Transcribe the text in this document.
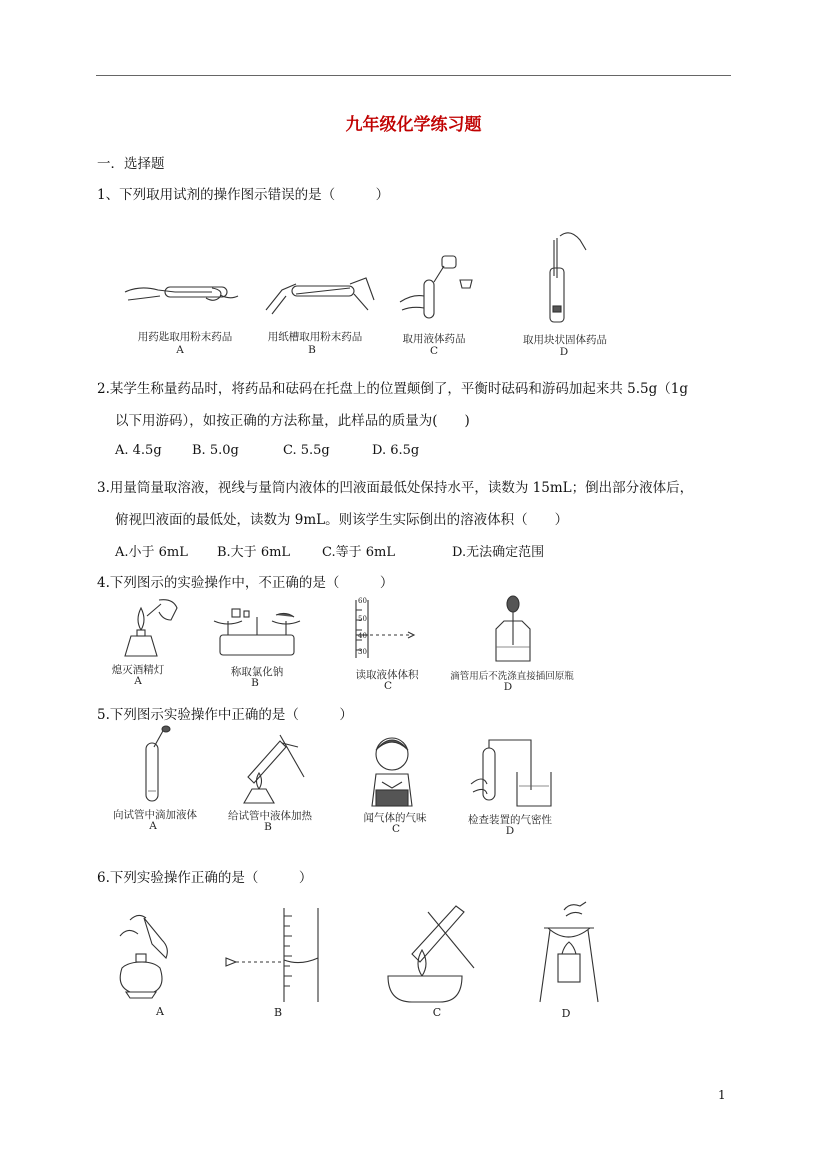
九年级化学练习题
一．选择题
1、下列取用试剂的操作图示错误的是（　　　）
用药匙取用粉末药品	用纸槽取用粉末药品	取用液体药品	取用块状固体药品
A	B	C	D
2.某学生称量药品时，将药品和砝码在托盘上的位置颠倒了，平衡时砝码和游码加起来共 5.5g（1g
以下用游码），如按正确的方法称量，此样品的质量为(　　)
A. 4.5g B. 5.0g	C. 5.5g	D. 6.5g
3.用量筒量取溶液，视线与量筒内液体的凹液面最低处保持水平，读数为 15mL；倒出部分液体后，
俯视凹液面的最低处，读数为 9mL。则该学生实际倒出的溶液体积（　　）
A.小于 6mL B.大于 6mL C.等于 6mL	D.无法确定范围
4.下列图示的实验操作中，不正确的是（　　　）
60
50
40
30
熄灭酒精灯	称取氯化钠	读取液体体积	滴管用后不洗涤直接插回原瓶
A	B	C	D
5.下列图示实验操作中正确的是（　　　）
向试管中滴加液体	给试管中液体加热	闻气体的气味	检查装置的气密性
A	B	C	D
6.下列实验操作正确的是（　　　）
A	B	C	D
1
